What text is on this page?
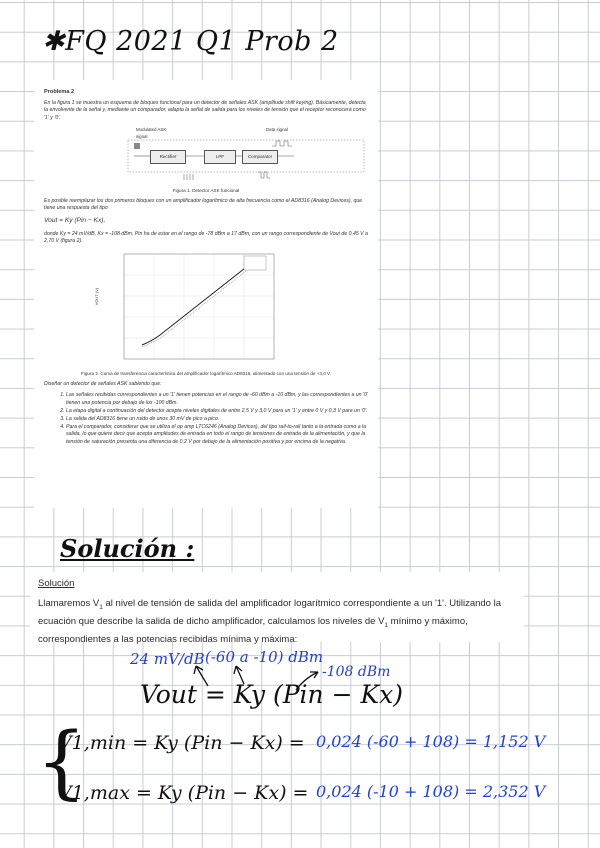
✱FQ 2021 Q1 Prob 2
Problema 2

En la figura 1 se muestra un esquema de bloques funcional para un detector de señales ASK (amplitude shift keying). Básicamente, detecta la envolvente de la señal y, mediante un comparador, adapta la señal de salida para los niveles de tensión que el receptor reconocerá como '1' y '0'.

Modulated ASK signal
Data signal
Rectifier	LPF	Comparator
Figura 1. Detector ASK funcional

Es posible reemplazar los dos primeros bloques con un amplificador logarítmico de alta frecuencia como el AD8316 (Analog Devices), que tiene una respuesta del tipo

Vout = Ky (Pin − Kx),

donde Ky = 24 mV/dB, Kx = -108 dBm. Pin ha de estar en el rango de -78 dBm a 17 dBm, con un rango correspondiente de Vout de 0,45 V a 2,70 V (figura 2).

VOUT (V)
Figura 2. Curva de transferencia característica del amplificador logarítmico AD8316, alimentado con una tensión de +3,0 V.

Diseñar un detector de señales ASK sabiendo que:

1. Las señales recibidas correspondientes a un '1' tienen potencias en el rango de -60 dBm a -10 dBm, y las correspondientes a un '0' tienen una potencia por debajo de los -100 dBm.
2. La etapa digital a continuación del detector acepta niveles digitales de entre 2,5 V y 3,0 V para un '1' y entre 0 V y 0,3 V para un '0'.
3. La salida del AD8316 tiene un ruido de unos 30 mV de pico a pico.
4. Para el comparador, considerar que se utiliza el op amp LTC6246 (Analog Devices), del tipo rail-to-rail tanto a la entrada como a la salida, lo que quiere decir que acepta amplitudes de entrada en todo el rango de tensiones de entrada de la alimentación, y que la tensión de saturación presenta una diferencia de 0,2 V por debajo de la alimentación positiva y por encima de la negativa.
Solución :
Solución
Llamaremos $V_1$ al nivel de tensión de salida del amplificador logarítmico correspondiente a un '1'. Utilizando la ecuación que describe la salida de dicho amplificador, calculamos los niveles de $V_1$ mínimo y máximo, correspondientes a las potencias recibidas mínima y máxima:
24 mV/dB (-60 a -10) dBm
-108 dBm
Vout = Ky (Pin − Kx)
{
V1,min = Ky (Pin − Kx) = 0,024 (-60 + 108) = 1,152 V
V1,max = Ky (Pin − Kx) = 0,024 (-10 + 108) = 2,352 V
